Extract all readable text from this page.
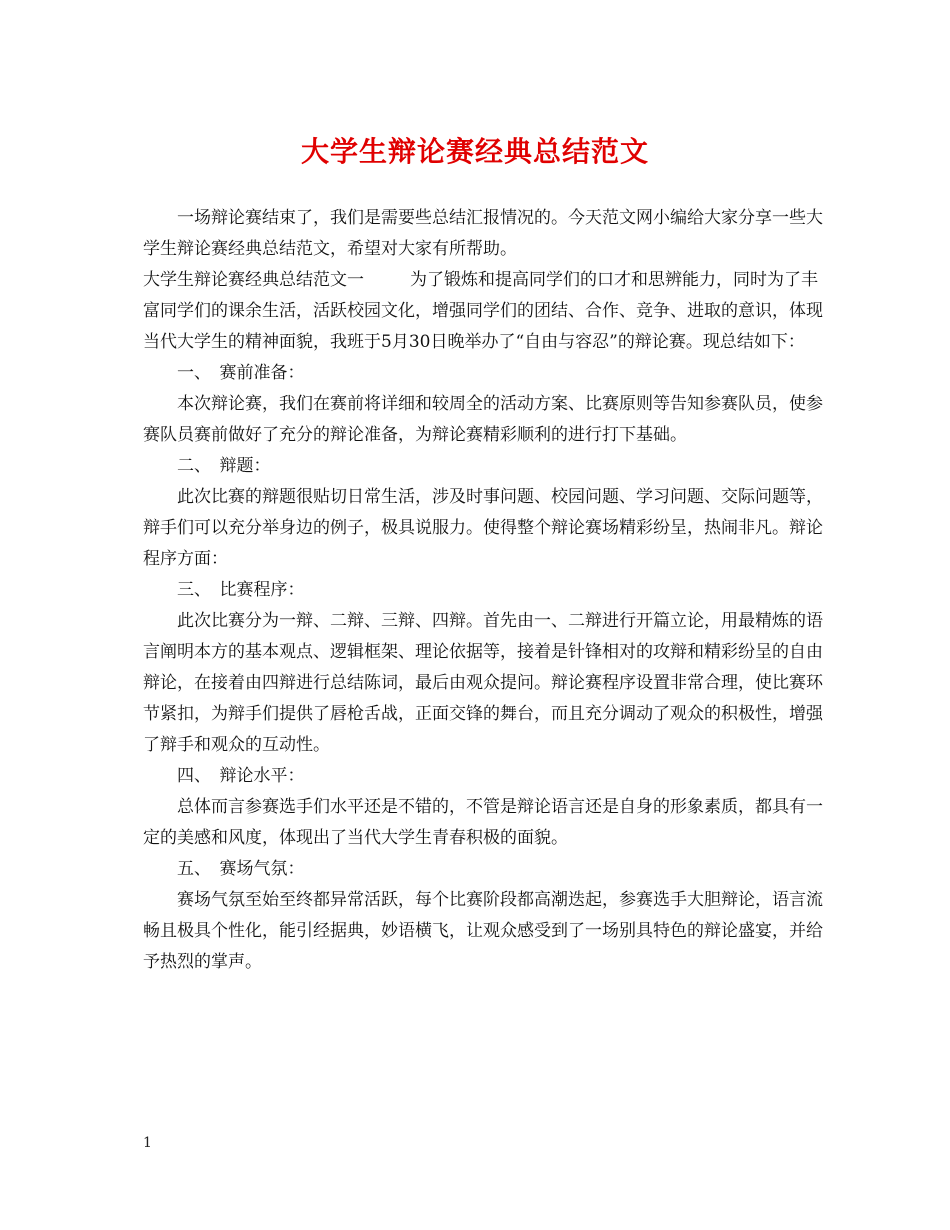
大学生辩论赛经典总结范文

一场辩论赛结束了，我们是需要些总结汇报情况的。今天范文网小编给大家分享一些大学生辩论赛经典总结范文，希望对大家有所帮助。

大学生辩论赛经典总结范文一	为了锻炼和提高同学们的口才和思辨能力，同时为了丰富同学们的课余生活，活跃校园文化，增强同学们的团结、合作、竞争、进取的意识，体现当代大学生的精神面貌，我班于5月30日晚举办了“自由与容忍”的辩论赛。现总结如下：

一、　赛前准备：

本次辩论赛，我们在赛前将详细和较周全的活动方案、比赛原则等告知参赛队员，使参赛队员赛前做好了充分的辩论准备，为辩论赛精彩顺利的进行打下基础。

二、　辩题：

此次比赛的辩题很贴切日常生活，涉及时事问题、校园问题、学习问题、交际问题等，辩手们可以充分举身边的例子，极具说服力。使得整个辩论赛场精彩纷呈，热闹非凡。辩论程序方面：

三、　比赛程序：

此次比赛分为一辩、二辩、三辩、四辩。首先由一、二辩进行开篇立论，用最精炼的语言阐明本方的基本观点、逻辑框架、理论依据等，接着是针锋相对的攻辩和精彩纷呈的自由辩论，在接着由四辩进行总结陈词，最后由观众提问。辩论赛程序设置非常合理，使比赛环节紧扣，为辩手们提供了唇枪舌战，正面交锋的舞台，而且充分调动了观众的积极性，增强了辩手和观众的互动性。

四、　辩论水平：

总体而言参赛选手们水平还是不错的，不管是辩论语言还是自身的形象素质，都具有一定的美感和风度，体现出了当代大学生青春积极的面貌。

五、　赛场气氛：

赛场气氛至始至终都异常活跃，每个比赛阶段都高潮迭起，参赛选手大胆辩论，语言流畅且极具个性化，能引经据典，妙语横飞，让观众感受到了一场别具特色的辩论盛宴，并给予热烈的掌声。

1
